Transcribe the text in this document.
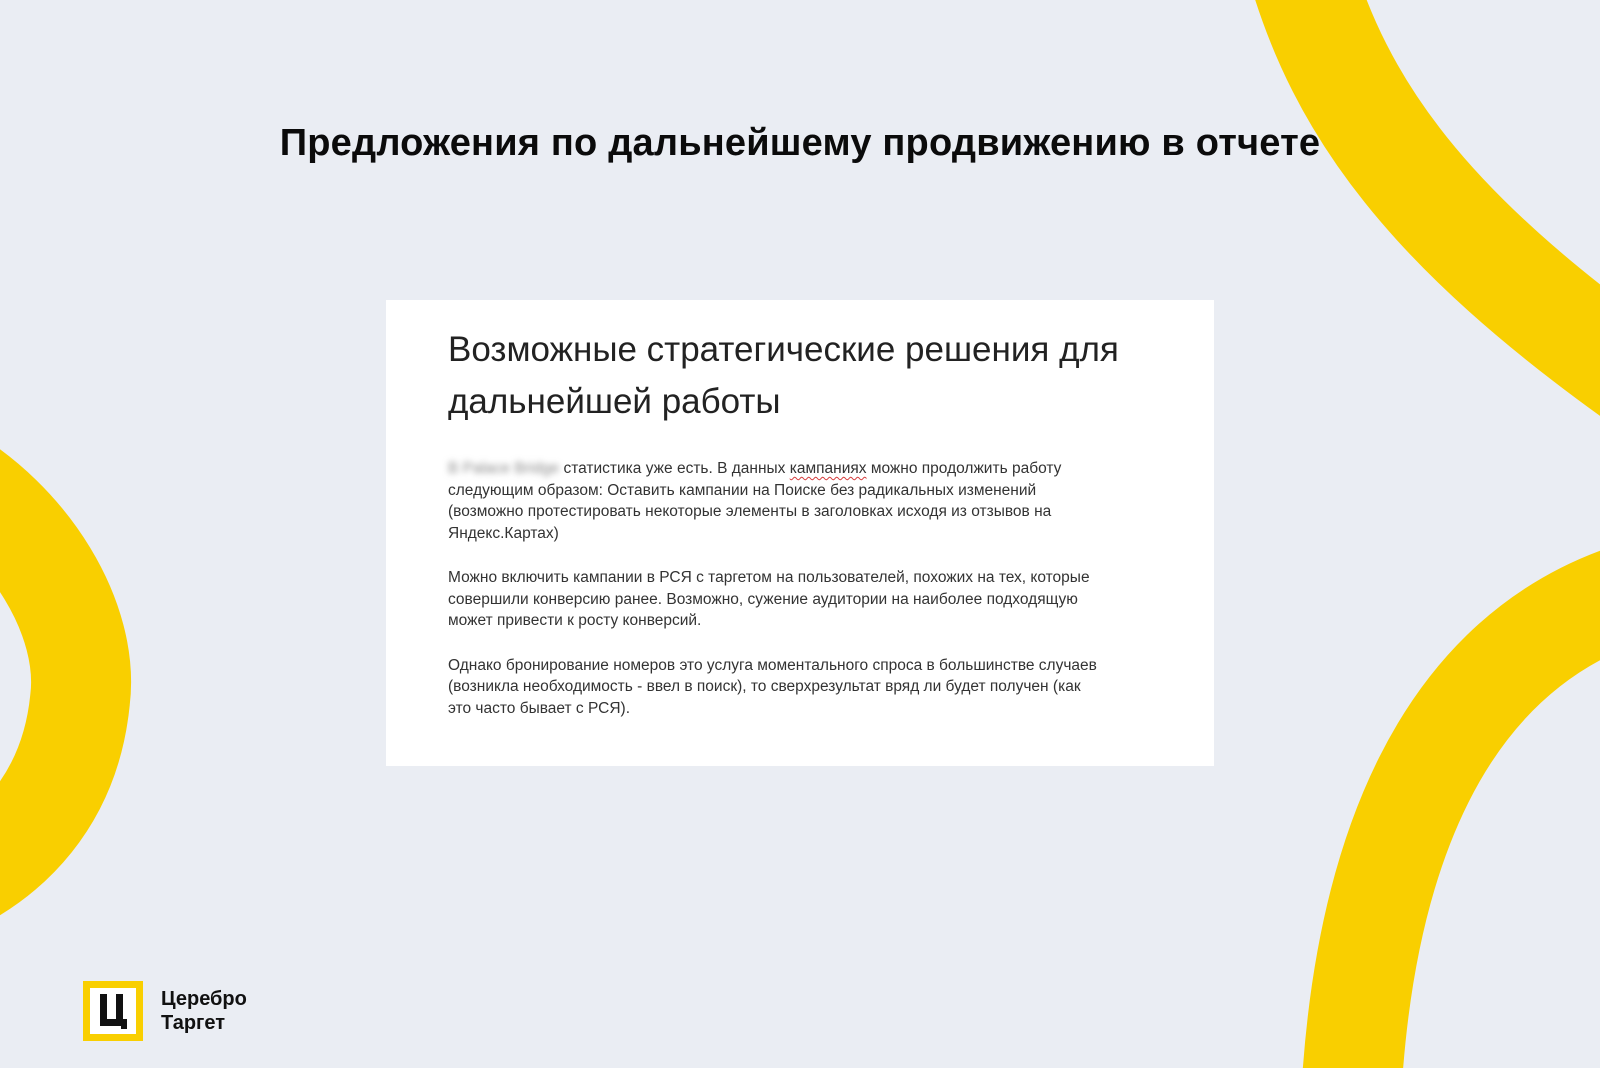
Предложения по дальнейшему продвижению в отчете
Возможные стратегические решения для дальнейшей работы

В Palace Bridge статистика уже есть. В данных кампаниях можно продолжить работу следующим образом: Оставить кампании на Поиске без радикальных изменений (возможно протестировать некоторые элементы в заголовках исходя из отзывов на Яндекс.Картах)

Можно включить кампании в РСЯ с таргетом на пользователей, похожих на тех, которые совершили конверсию ранее. Возможно, сужение аудитории на наиболее подходящую может привести к росту конверсий.

Однако бронирование номеров это услуга моментального спроса в большинстве случаев (возникла необходимость - ввел в поиск), то сверхрезультат вряд ли будет получен (как это часто бывает с РСЯ).

Церебро
Таргет
